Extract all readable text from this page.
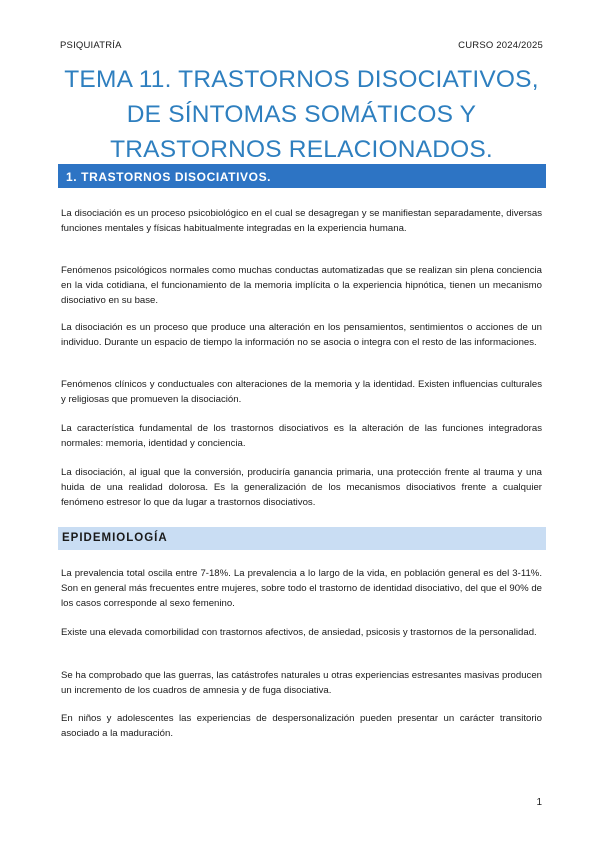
PSIQUIATRÍA	CURSO 2024/2025
TEMA 11. TRASTORNOS DISOCIATIVOS,
DE SÍNTOMAS SOMÁTICOS Y
TRASTORNOS RELACIONADOS.
1. TRASTORNOS DISOCIATIVOS.

La disociación es un proceso psicobiológico en el cual se desagregan y se manifiestan separadamente, diversas funciones mentales y físicas habitualmente integradas en la experiencia humana.

Fenómenos psicológicos normales como muchas conductas automatizadas que se realizan sin plena conciencia en la vida cotidiana, el funcionamiento de la memoria implícita o la experiencia hipnótica, tienen un mecanismo disociativo en su base.

La disociación es un proceso que produce una alteración en los pensamientos, sentimientos o acciones de un individuo. Durante un espacio de tiempo la información no se asocia o integra con el resto de las informaciones.

Fenómenos clínicos y conductuales con alteraciones de la memoria y la identidad. Existen influencias culturales y religiosas que promueven la disociación.

La característica fundamental de los trastornos disociativos es la alteración de las funciones integradoras normales: memoria, identidad y conciencia.

La disociación, al igual que la conversión, produciría ganancia primaria, una protección frente al trauma y una huida de una realidad dolorosa. Es la generalización de los mecanismos disociativos frente a cualquier fenómeno estresor lo que da lugar a trastornos disociativos.

EPIDEMIOLOGÍA

La prevalencia total oscila entre 7-18%. La prevalencia a lo largo de la vida, en población general es del 3-11%. Son en general más frecuentes entre mujeres, sobre todo el trastorno de identidad disociativo, del que el 90% de los casos corresponde al sexo femenino.

Existe una elevada comorbilidad con trastornos afectivos, de ansiedad, psicosis y trastornos de la personalidad.

Se ha comprobado que las guerras, las catástrofes naturales u otras experiencias estresantes masivas producen un incremento de los cuadros de amnesia y de fuga disociativa.

En niños y adolescentes las experiencias de despersonalización pueden presentar un carácter transitorio asociado a la maduración.

1
